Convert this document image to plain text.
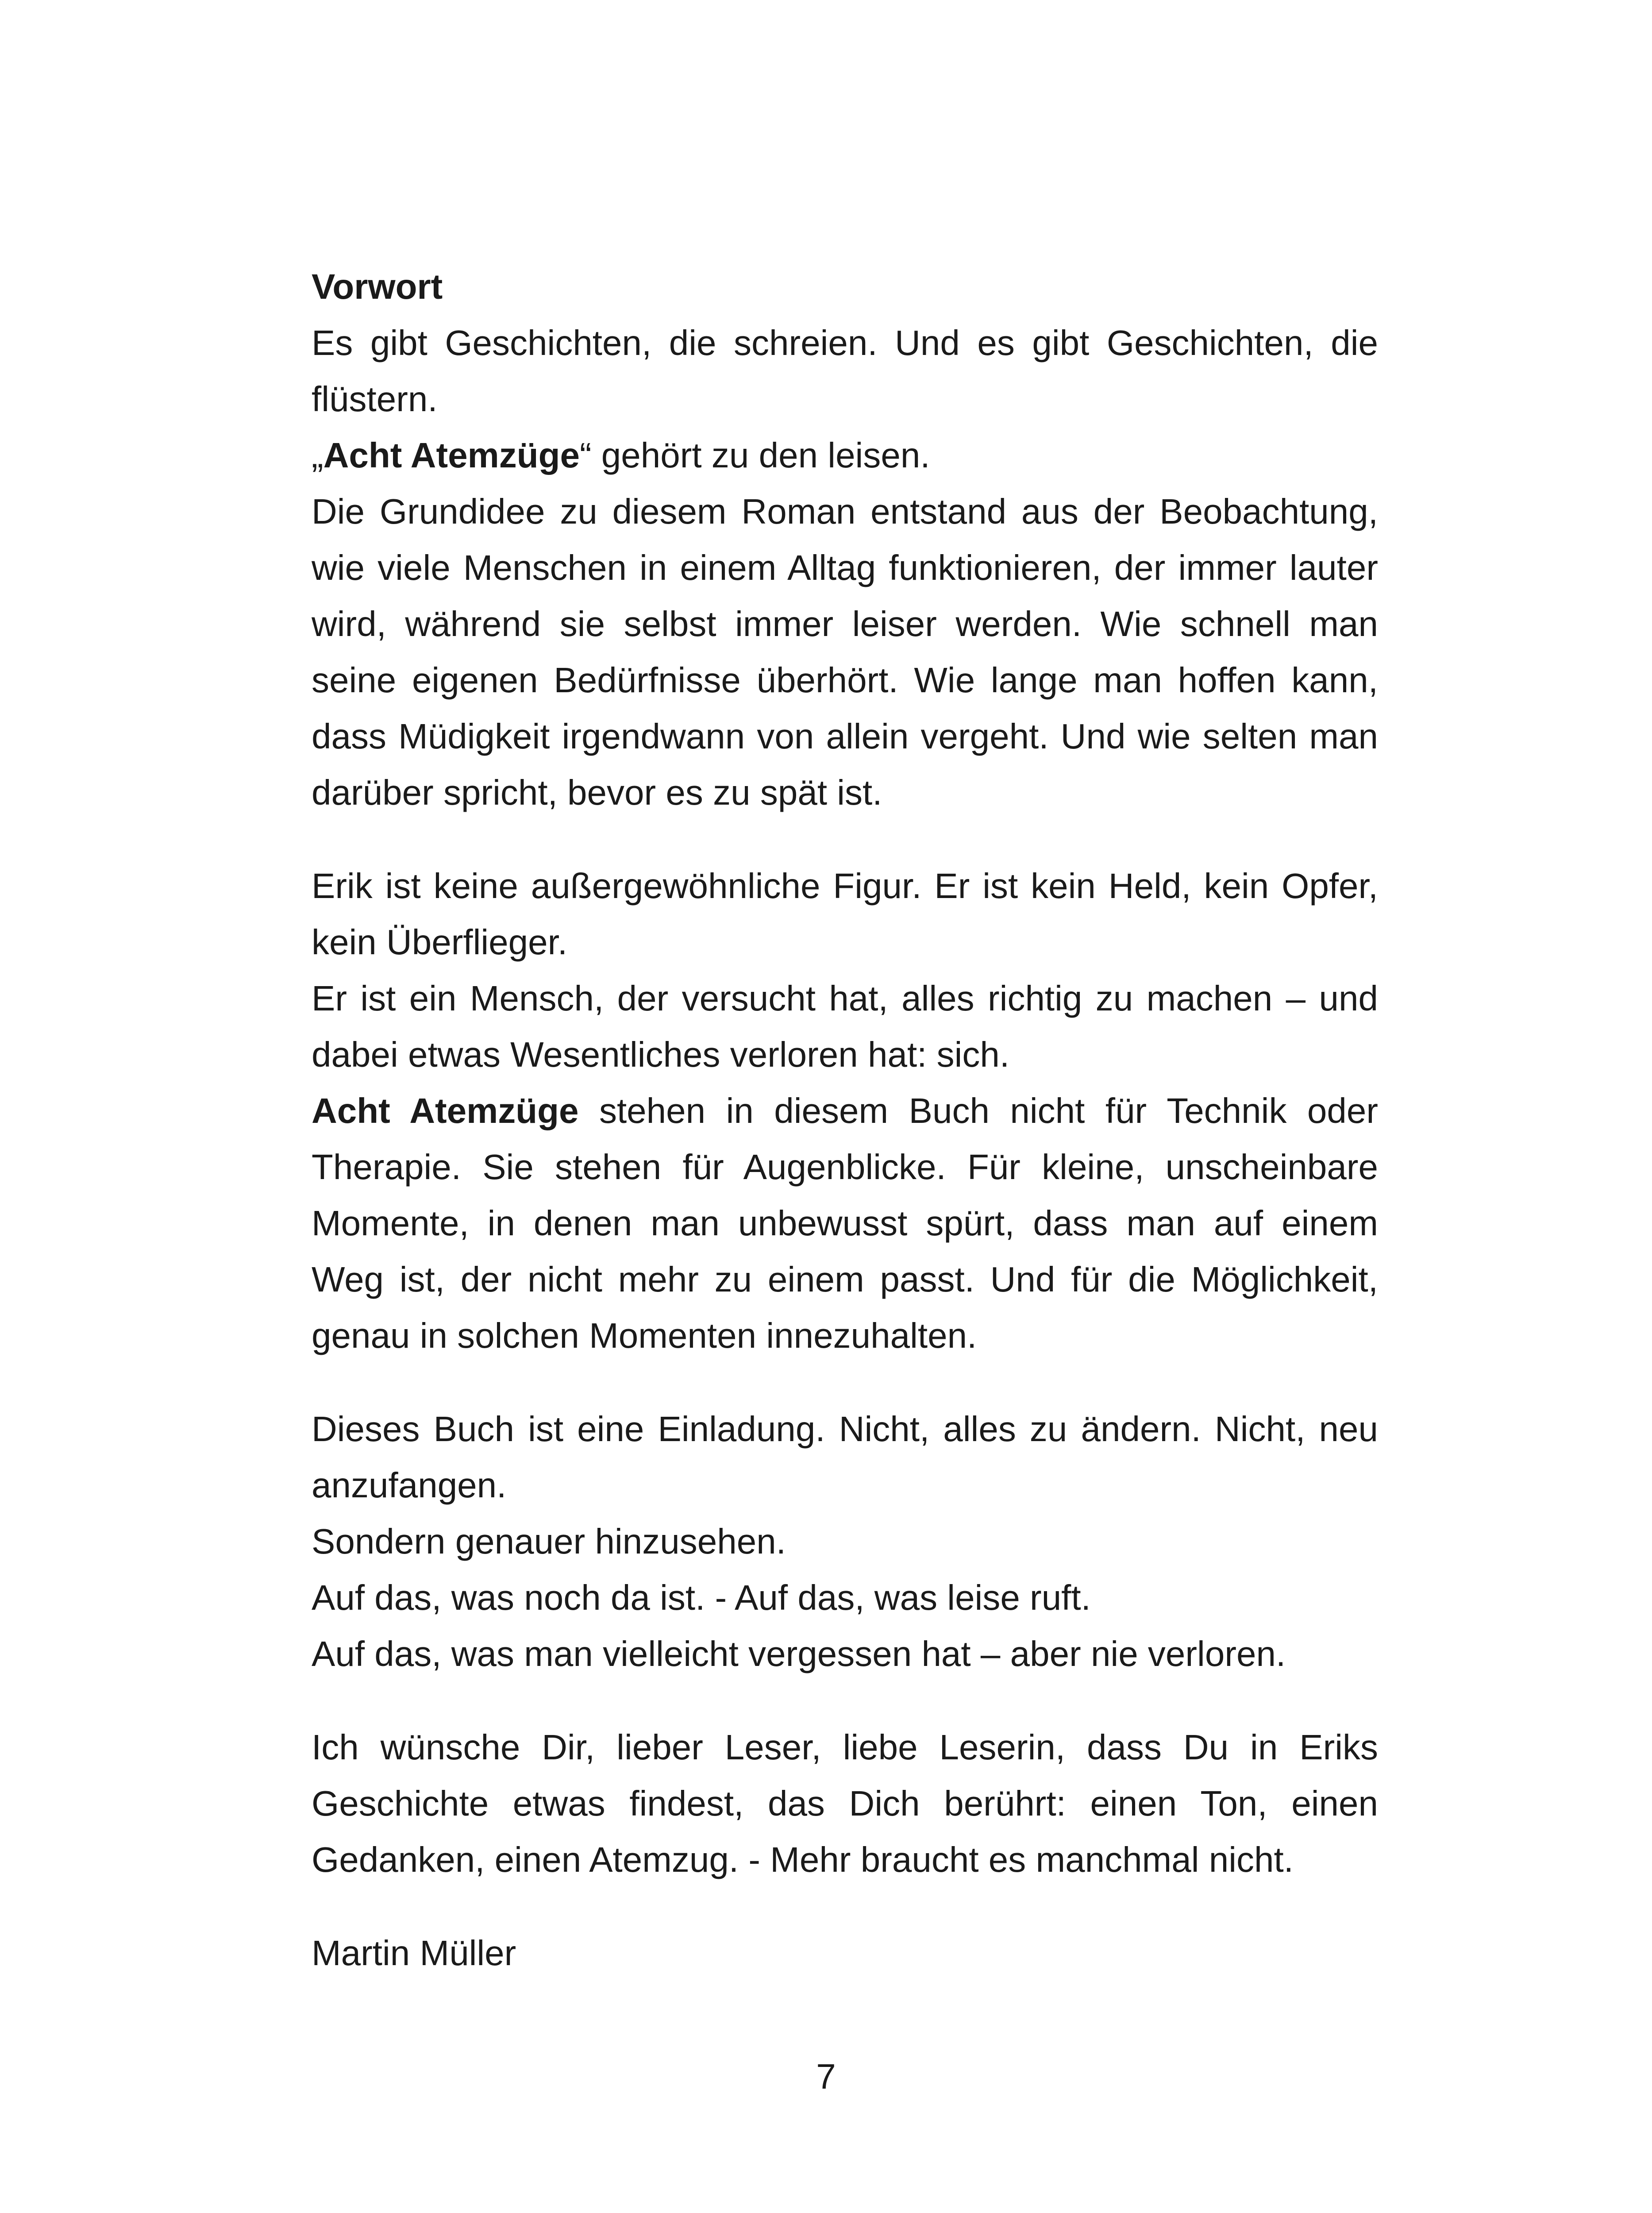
Vorwort

Es gibt Geschichten, die schreien. Und es gibt Geschichten, die flüstern.

„Acht Atemzüge“ gehört zu den leisen.

Die Grundidee zu diesem Roman entstand aus der Beobachtung, wie viele Menschen in einem Alltag funktionieren, der immer lauter wird, während sie selbst immer leiser werden. Wie schnell man seine eigenen Bedürfnisse überhört. Wie lange man hoffen kann, dass Müdigkeit irgendwann von allein vergeht. Und wie selten man darüber spricht, bevor es zu spät ist.

Erik ist keine außergewöhnliche Figur. Er ist kein Held, kein Opfer, kein Überflieger.

Er ist ein Mensch, der versucht hat, alles richtig zu machen – und dabei etwas Wesentliches verloren hat: sich.

Acht Atemzüge stehen in diesem Buch nicht für Technik oder Therapie. Sie stehen für Augenblicke. Für kleine, unscheinbare Momente, in denen man unbewusst spürt, dass man auf einem Weg ist, der nicht mehr zu einem passt. Und für die Möglichkeit, genau in solchen Momenten innezuhalten.

Dieses Buch ist eine Einladung. Nicht, alles zu ändern. Nicht, neu anzufangen.

Sondern genauer hinzusehen.

Auf das, was noch da ist. - Auf das, was leise ruft.

Auf das, was man vielleicht vergessen hat – aber nie verloren.

Ich wünsche Dir, lieber Leser, liebe Leserin, dass Du in Eriks Geschichte etwas findest, das Dich berührt: einen Ton, einen Gedanken, einen Atemzug. - Mehr braucht es manchmal nicht.

Martin Müller

7
